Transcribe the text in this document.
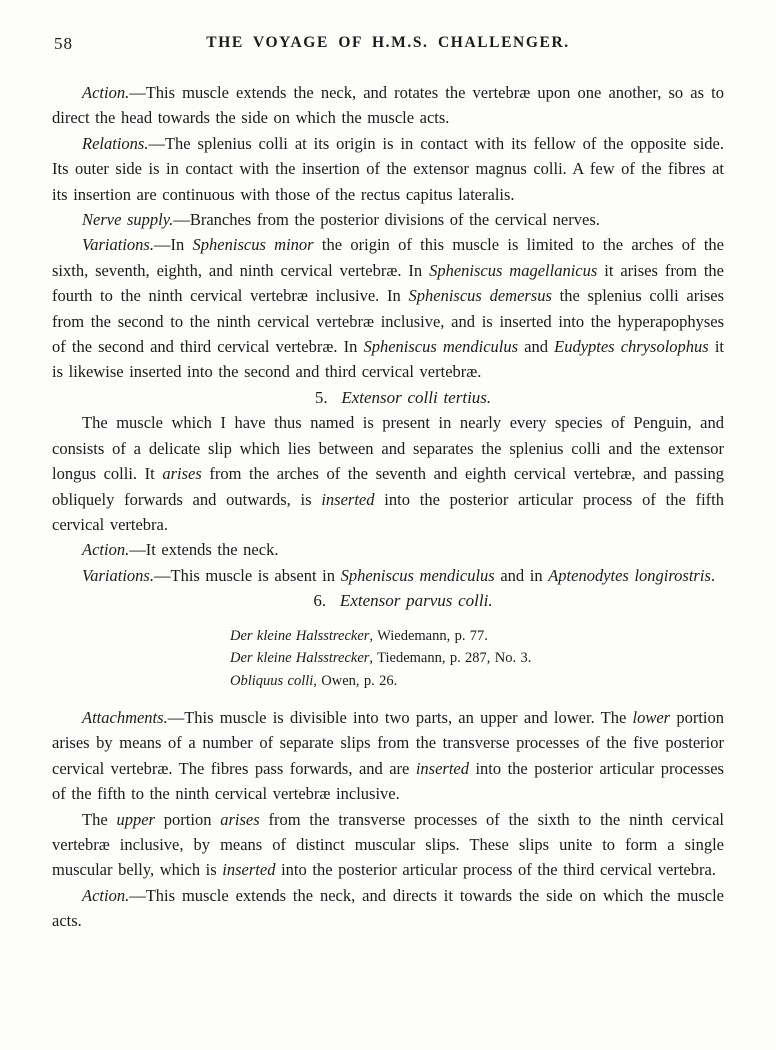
58	THE VOYAGE OF H.M.S. CHALLENGER.

Action.—This muscle extends the neck, and rotates the vertebræ upon one another, so as to direct the head towards the side on which the muscle acts.

Relations.—The splenius colli at its origin is in contact with its fellow of the opposite side. Its outer side is in contact with the insertion of the extensor magnus colli. A few of the fibres at its insertion are continuous with those of the rectus capitus lateralis.

Nerve supply.—Branches from the posterior divisions of the cervical nerves.

Variations.—In Spheniscus minor the origin of this muscle is limited to the arches of the sixth, seventh, eighth, and ninth cervical vertebræ. In Spheniscus magellanicus it arises from the fourth to the ninth cervical vertebræ inclusive. In Spheniscus demersus the splenius colli arises from the second to the ninth cervical vertebræ inclusive, and is inserted into the hyperapophyses of the second and third cervical vertebræ. In Spheniscus mendiculus and Eudyptes chrysolophus it is likewise inserted into the second and third cervical vertebræ.

5. Extensor colli tertius.

The muscle which I have thus named is present in nearly every species of Penguin, and consists of a delicate slip which lies between and separates the splenius colli and the extensor longus colli. It arises from the arches of the seventh and eighth cervical vertebræ, and passing obliquely forwards and outwards, is inserted into the posterior articular process of the fifth cervical vertebra.

Action.—It extends the neck.

Variations.—This muscle is absent in Spheniscus mendiculus and in Aptenodytes longirostris.

6. Extensor parvus colli.

Der kleine Halsstrecker, Wiedemann, p. 77.
Der kleine Halsstrecker, Tiedemann, p. 287, No. 3.
Obliquus colli, Owen, p. 26.

Attachments.—This muscle is divisible into two parts, an upper and lower. The lower portion arises by means of a number of separate slips from the transverse processes of the five posterior cervical vertebræ. The fibres pass forwards, and are inserted into the posterior articular processes of the fifth to the ninth cervical vertebræ inclusive.

The upper portion arises from the transverse processes of the sixth to the ninth cervical vertebræ inclusive, by means of distinct muscular slips. These slips unite to form a single muscular belly, which is inserted into the posterior articular process of the third cervical vertebra.

Action.—This muscle extends the neck, and directs it towards the side on which the muscle acts.
